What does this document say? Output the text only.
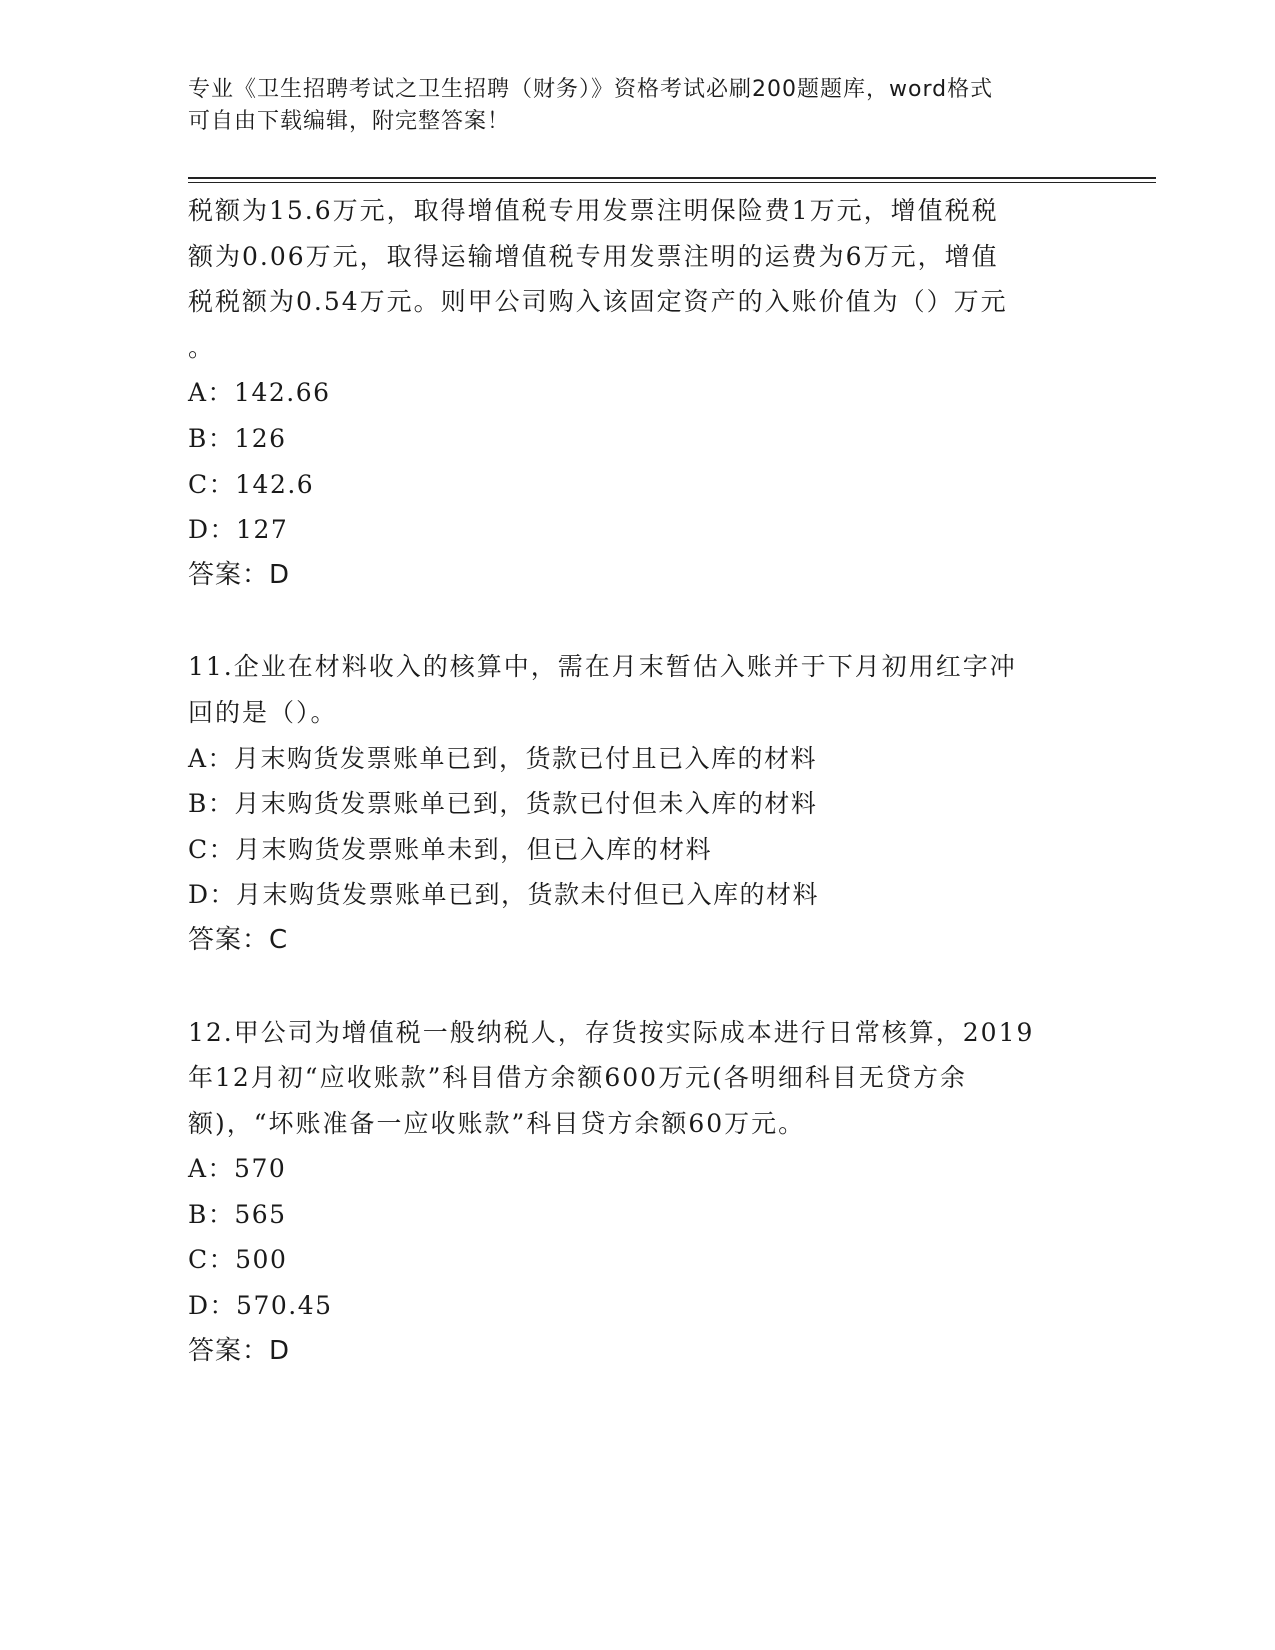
专业《卫生招聘考试之卫生招聘（财务）》资格考试必刷200题题库，word格式
可自由下载编辑，附完整答案！

税额为15.6万元，取得增值税专用发票注明保险费1万元，增值税税

额为0.06万元，取得运输增值税专用发票注明的运费为6万元，增值

税税额为0.54万元。则甲公司购入该固定资产的入账价值为（）万元

。

A：142.66

B：126

C：142.6

D：127

答案：D

11.企业在材料收入的核算中，需在月末暂估入账并于下月初用红字冲

回的是（）。

A：月末购货发票账单已到，货款已付且已入库的材料

B：月末购货发票账单已到，货款已付但未入库的材料

C：月末购货发票账单未到，但已入库的材料

D：月末购货发票账单已到，货款未付但已入库的材料

答案：C

12.甲公司为增值税一般纳税人，存货按实际成本进行日常核算，2019

年12月初“应收账款”科目借方余额600万元(各明细科目无贷方余

额)，“坏账准备一应收账款”科目贷方余额60万元。

A：570

B：565

C：500

D：570.45

答案：D
